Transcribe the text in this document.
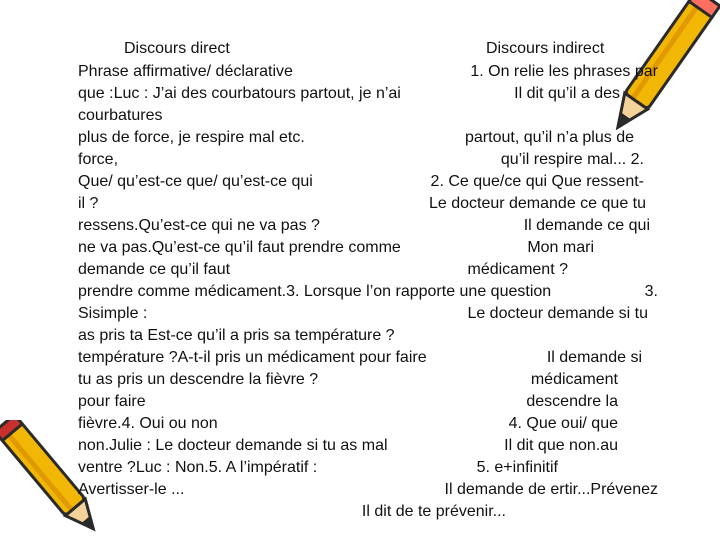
Discours direct	Discours indirect
Phrase affirmative/ déclarative	1. On relie les phrases par
que :Luc : J’ai des courbatours partout, je n’ai	Il dit qu’il a des
courbatures
plus de force, je respire mal etc.	partout, qu’il n’a plus de
force,	qu’il respire mal... 2.
Que/ qu’est-ce que/ qu’est-ce qui	2. Ce que/ce qui Que ressent-
il ?	Le docteur demande ce que tu
ressens.Qu’est-ce qui ne va pas ?	Il demande ce qui
ne va pas.Qu’est-ce qu’il faut prendre comme	Mon mari
demande ce qu’il faut	médicament ?
prendre comme médicament.3. Lorsque l’on rapporte une question	3.
Sisimple :	Le docteur demande si tu
as pris ta Est-ce qu’il a pris sa température ?
température ?A-t-il pris un médicament pour faire	Il demande si
tu as pris un descendre la fièvre ?	médicament
pour faire	descendre la
fièvre.4. Oui ou non	4. Que oui/ que
non.Julie : Le docteur demande si tu as mal	Il dit que non.au
ventre ?Luc : Non.5. A l’impératif :	5. e+infinitif
Avertisser-le ...	Il demande de ertir...Prévenez
Il dit de te prévenir...
